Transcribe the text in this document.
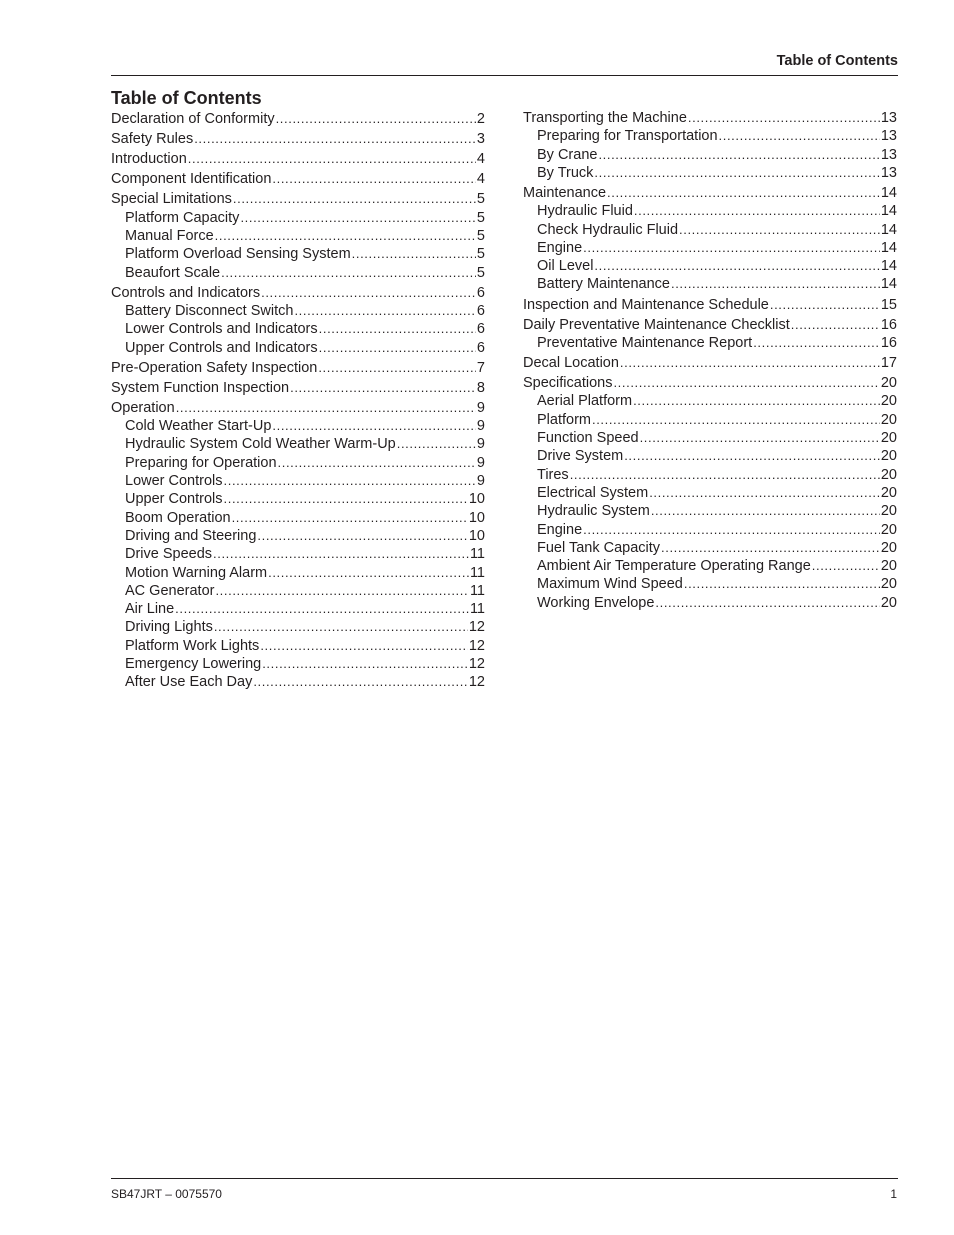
Table of Contents
Table of Contents
Declaration of Conformity .....	2
Safety Rules .....	3
Introduction .....	4
Component Identification .....	4
Special Limitations .....	5
Platform Capacity .....	5
Manual Force .....	5
Platform Overload Sensing System .....	5
Beaufort Scale .....	5
Controls and Indicators .....	6
Battery Disconnect Switch .....	6
Lower Controls and Indicators .....	6
Upper Controls and Indicators .....	6
Pre-Operation Safety Inspection .....	7
System Function Inspection .....	8
Operation .....	9
Cold Weather Start-Up .....	9
Hydraulic System Cold Weather Warm-Up .....	9
Preparing for Operation .....	9
Lower Controls .....	9
Upper Controls .....	10
Boom Operation .....	10
Driving and Steering .....	10
Drive Speeds .....	11
Motion Warning Alarm .....	11
AC Generator .....	11
Air Line .....	11
Driving Lights .....	12
Platform Work Lights .....	12
Emergency Lowering .....	12
After Use Each Day .....	12
Transporting the Machine .....	13
Preparing for Transportation .....	13
By Crane .....	13
By Truck .....	13
Maintenance .....	14
Hydraulic Fluid .....	14
Check Hydraulic Fluid .....	14
Engine .....	14
Oil Level .....	14
Battery Maintenance .....	14
Inspection and Maintenance Schedule .....	15
Daily Preventative Maintenance Checklist .....	16
Preventative Maintenance Report .....	16
Decal Location .....	17
Specifications .....	20
Aerial Platform .....	20
Platform .....	20
Function Speed .....	20
Drive System .....	20
Tires .....	20
Electrical System .....	20
Hydraulic System .....	20
Engine .....	20
Fuel Tank Capacity .....	20
Ambient Air Temperature Operating Range .....	20
Maximum Wind Speed .....	20
Working Envelope .....	20
SB47JRT – 0075570	1
